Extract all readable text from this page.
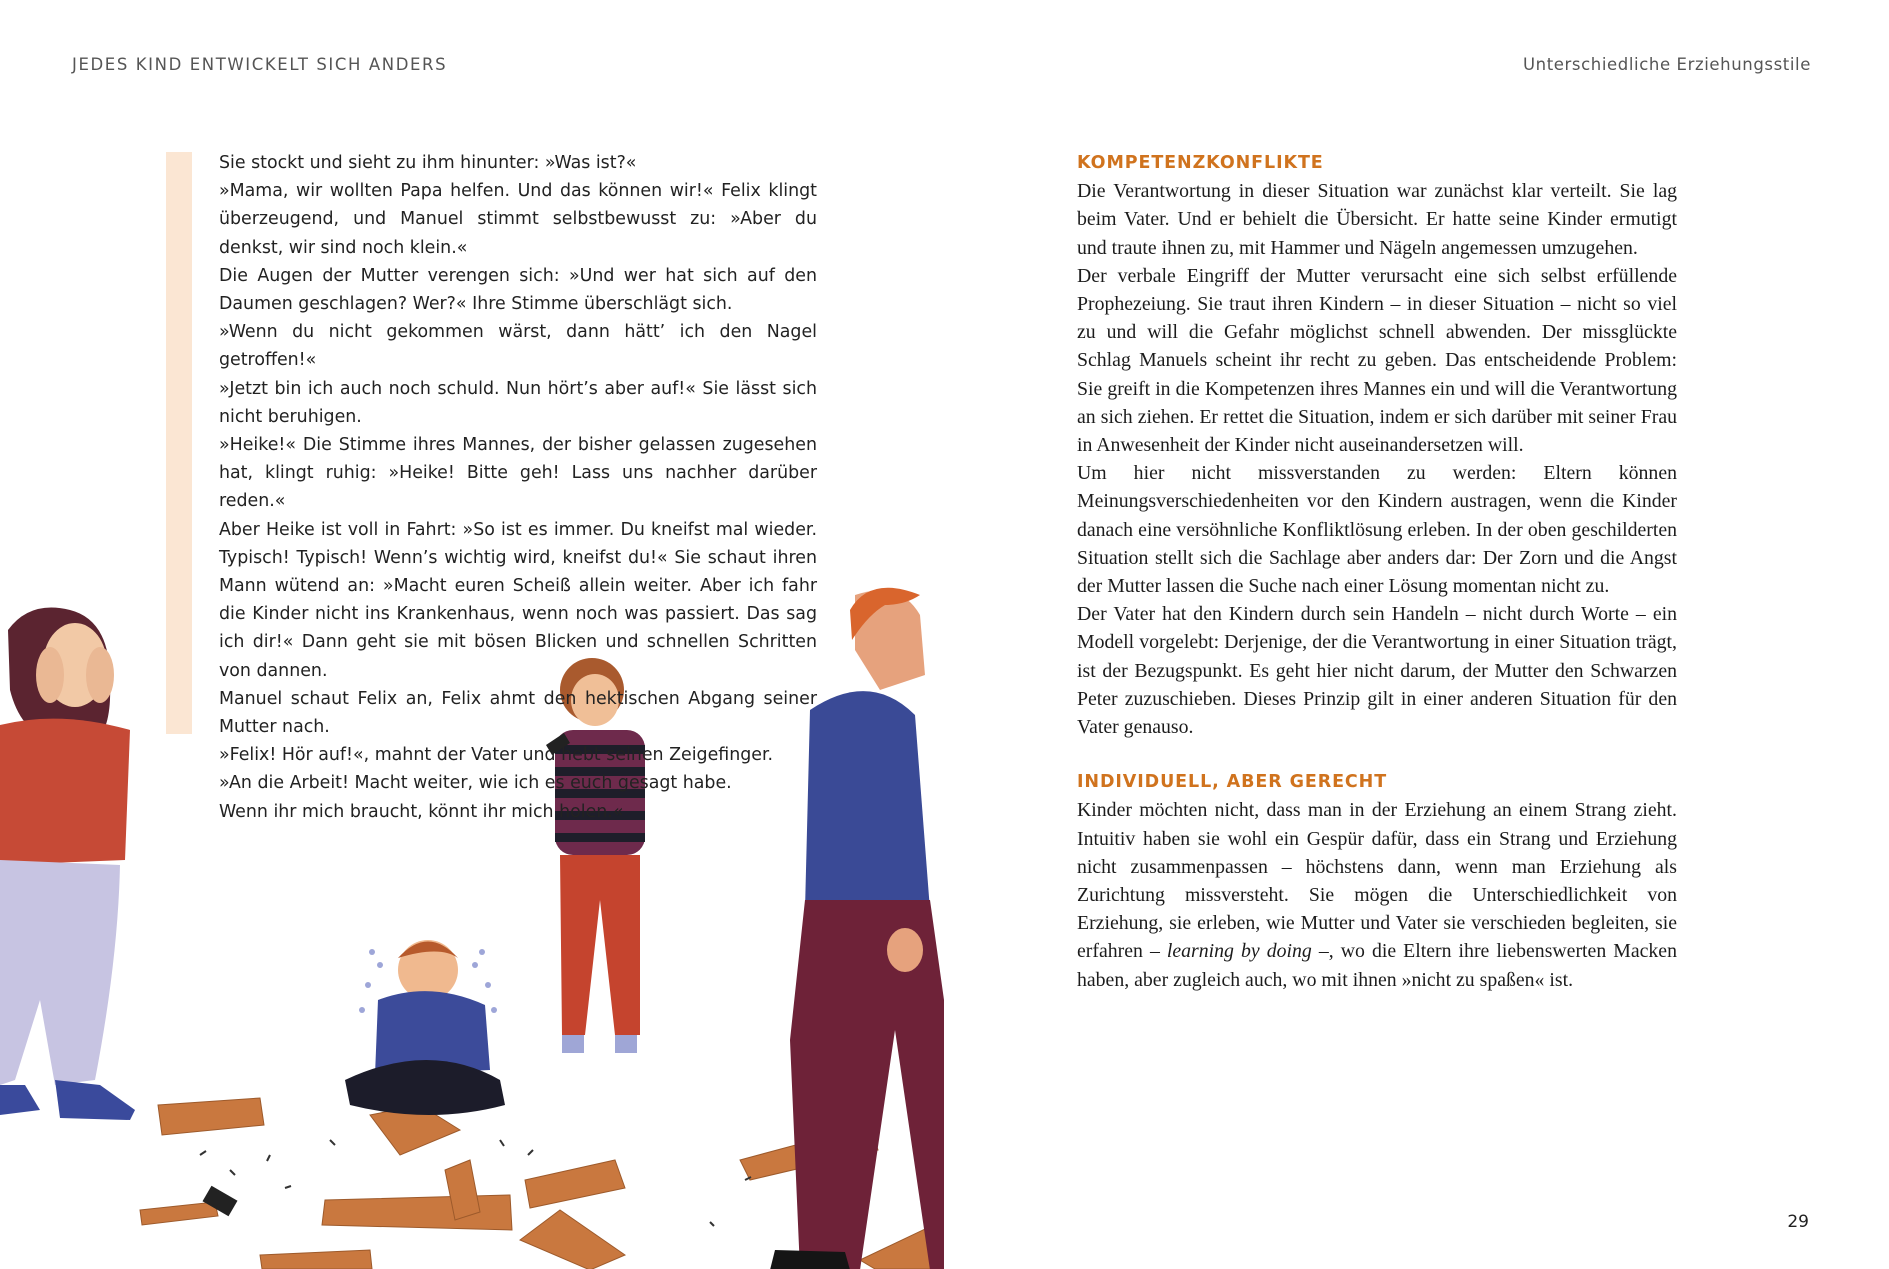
JEDES KIND ENTWICKELT SICH ANDERS

Sie stockt und sieht zu ihm hinunter: »Was ist?«

»Mama, wir wollten Papa helfen. Und das können wir!« Felix klingt überzeugend, und Manuel stimmt selbstbewusst zu: »Aber du denkst, wir sind noch klein.«

Die Augen der Mutter verengen sich: »Und wer hat sich auf den Daumen geschlagen? Wer?« Ihre Stimme überschlägt sich.

»Wenn du nicht gekommen wärst, dann hätt’ ich den Nagel getroffen!«

»Jetzt bin ich auch noch schuld. Nun hört’s aber auf!« Sie lässt sich nicht beruhigen.

»Heike!« Die Stimme ihres Mannes, der bisher gelassen zugesehen hat, klingt ruhig: »Heike! Bitte geh! Lass uns nachher darüber reden.«

Aber Heike ist voll in Fahrt: »So ist es immer. Du kneifst mal wieder. Typisch! Typisch! Wenn’s wichtig wird, kneifst du!« Sie schaut ihren Mann wütend an: »Macht euren Scheiß allein weiter. Aber ich fahr die Kinder nicht ins Krankenhaus, wenn noch was passiert. Das sag ich dir!« Dann geht sie mit bösen Blicken und schnellen Schritten von dannen.

Manuel schaut Felix an, Felix ahmt den hektischen Abgang seiner Mutter nach.

»Felix! Hör auf!«, mahnt der Vater und hebt seinen Zeigefinger.

»An die Arbeit! Macht weiter, wie ich es euch gesagt habe.

Wenn ihr mich braucht, könnt ihr mich holen.«

Unterschiedliche Erziehungsstile
KOMPETENZKONFLIKTE

Die Verantwortung in dieser Situation war zunächst klar verteilt. Sie lag beim Vater. Und er behielt die Übersicht. Er hatte seine Kinder ermutigt und traute ihnen zu, mit Hammer und Nägeln angemessen umzugehen.

Der verbale Eingriff der Mutter verursacht eine sich selbst erfüllende Prophezeiung. Sie traut ihren Kindern – in dieser Situation – nicht so viel zu und will die Gefahr möglichst schnell abwenden. Der missglückte Schlag Manuels scheint ihr recht zu geben. Das entscheidende Problem: Sie greift in die Kompetenzen ihres Mannes ein und will die Verantwortung an sich ziehen. Er rettet die Situation, indem er sich darüber mit seiner Frau in Anwesenheit der Kinder nicht auseinandersetzen will.

Um hier nicht missverstanden zu werden: Eltern können Meinungsverschiedenheiten vor den Kindern austragen, wenn die Kinder danach eine versöhnliche Konfliktlösung erleben. In der oben geschilderten Situation stellt sich die Sachlage aber anders dar: Der Zorn und die Angst der Mutter lassen die Suche nach einer Lösung momentan nicht zu.

Der Vater hat den Kindern durch sein Handeln – nicht durch Worte – ein Modell vorgelebt: Derjenige, der die Verantwortung in einer Situation trägt, ist der Bezugspunkt. Es geht hier nicht darum, der Mutter den Schwarzen Peter zuzuschieben. Dieses Prinzip gilt in einer anderen Situation für den Vater genauso.

INDIVIDUELL, ABER GERECHT

Kinder möchten nicht, dass man in der Erziehung an einem Strang zieht. Intuitiv haben sie wohl ein Gespür dafür, dass ein Strang und Erziehung nicht zusammenpassen – höchstens dann, wenn man Erziehung als Zurichtung missversteht. Sie mögen die Unterschiedlichkeit von Erziehung, sie erleben, wie Mutter und Vater sie verschieden begleiten, sie erfahren – learning by doing –, wo die Eltern ihre liebenswerten Macken haben, aber zugleich auch, wo mit ihnen »nicht zu spaßen« ist.

29
